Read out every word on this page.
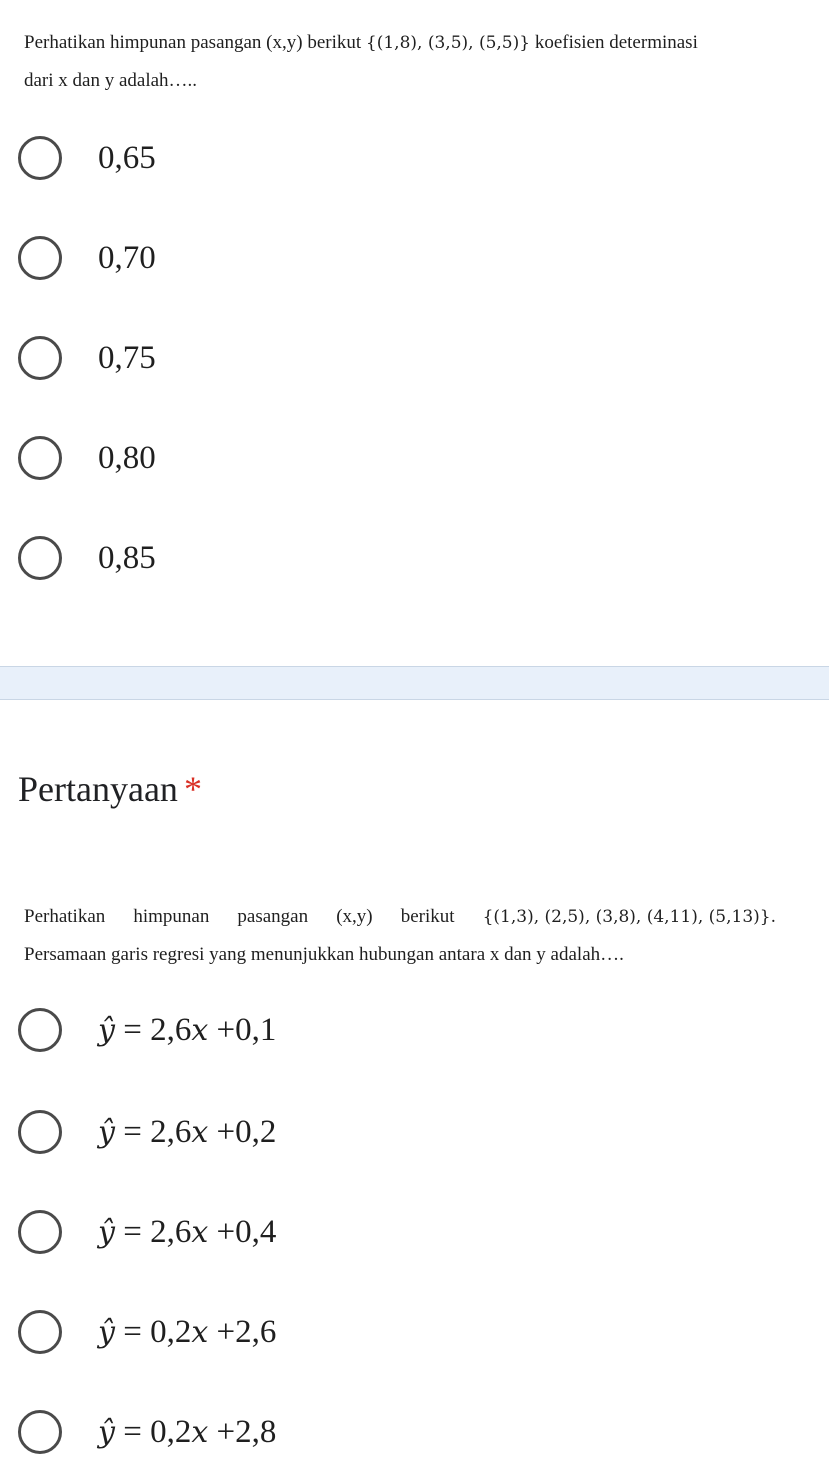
Perhatikan himpunan pasangan (x,y) berikut {(1,8), (3,5), (5,5)} koefisien determinasi

dari x dan y adalah…..

0,65
0,70
0,75
0,80
0,85
Pertanyaan *

Perhatikan himpunan pasangan (x,y) berikut {(1,3), (2,5), (3,8), (4,11), (5,13)}.

Persamaan garis regresi yang menunjukkan hubungan antara x dan y adalah….

ŷ = 2,6x +0,1
ŷ = 2,6x +0,2
ŷ = 2,6x +0,4
ŷ = 0,2x +2,6
ŷ = 0,2x +2,8
